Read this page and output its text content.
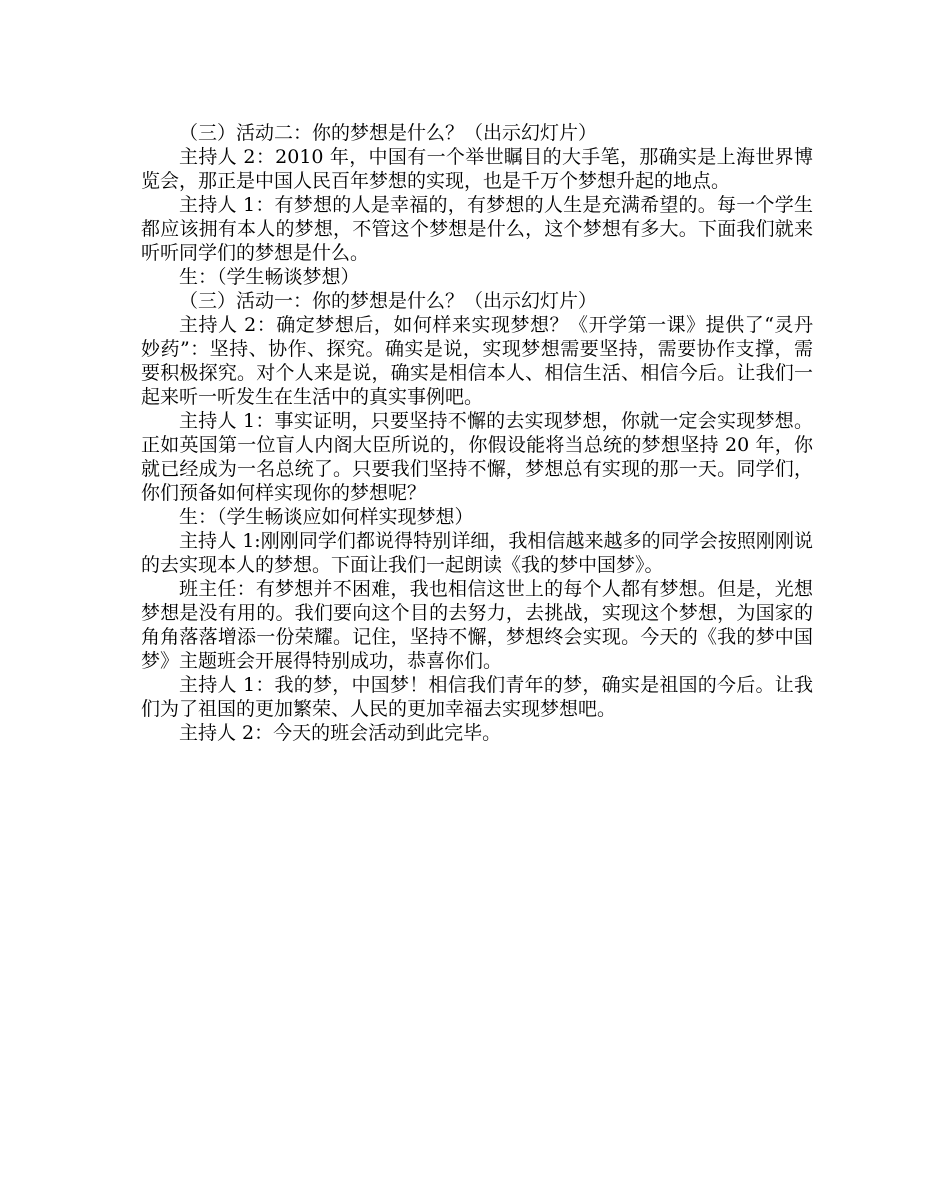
（三）活动二：你的梦想是什么？（出示幻灯片）

主持人 2：2010 年，中国有一个举世瞩目的大手笔，那确实是上海世界博览会，那正是中国人民百年梦想的实现，也是千万个梦想升起的地点。

主持人 1：有梦想的人是幸福的，有梦想的人生是充满希望的。每一个学生都应该拥有本人的梦想，不管这个梦想是什么，这个梦想有多大。下面我们就来听听同学们的梦想是什么。

生：（学生畅谈梦想）

（三）活动一：你的梦想是什么？（出示幻灯片）

主持人 2：确定梦想后，如何样来实现梦想？《开学第一课》提供了“灵丹妙药”：坚持、协作、探究。确实是说，实现梦想需要坚持，需要协作支撑，需要积极探究。对个人来是说，确实是相信本人、相信生活、相信今后。让我们一起来听一听发生在生活中的真实事例吧。

主持人 1：事实证明，只要坚持不懈的去实现梦想，你就一定会实现梦想。正如英国第一位盲人内阁大臣所说的，你假设能将当总统的梦想坚持 20 年，你就已经成为一名总统了。只要我们坚持不懈，梦想总有实现的那一天。同学们，你们预备如何样实现你的梦想呢？

生：（学生畅谈应如何样实现梦想）

主持人 1:刚刚同学们都说得特别详细，我相信越来越多的同学会按照刚刚说的去实现本人的梦想。下面让我们一起朗读《我的梦中国梦》。

班主任：有梦想并不困难，我也相信这世上的每个人都有梦想。但是，光想梦想是没有用的。我们要向这个目的去努力，去挑战，实现这个梦想，为国家的角角落落增添一份荣耀。记住，坚持不懈，梦想终会实现。今天的《我的梦中国梦》主题班会开展得特别成功，恭喜你们。

主持人 1：我的梦，中国梦！相信我们青年的梦，确实是祖国的今后。让我们为了祖国的更加繁荣、人民的更加幸福去实现梦想吧。

主持人 2：今天的班会活动到此完毕。
